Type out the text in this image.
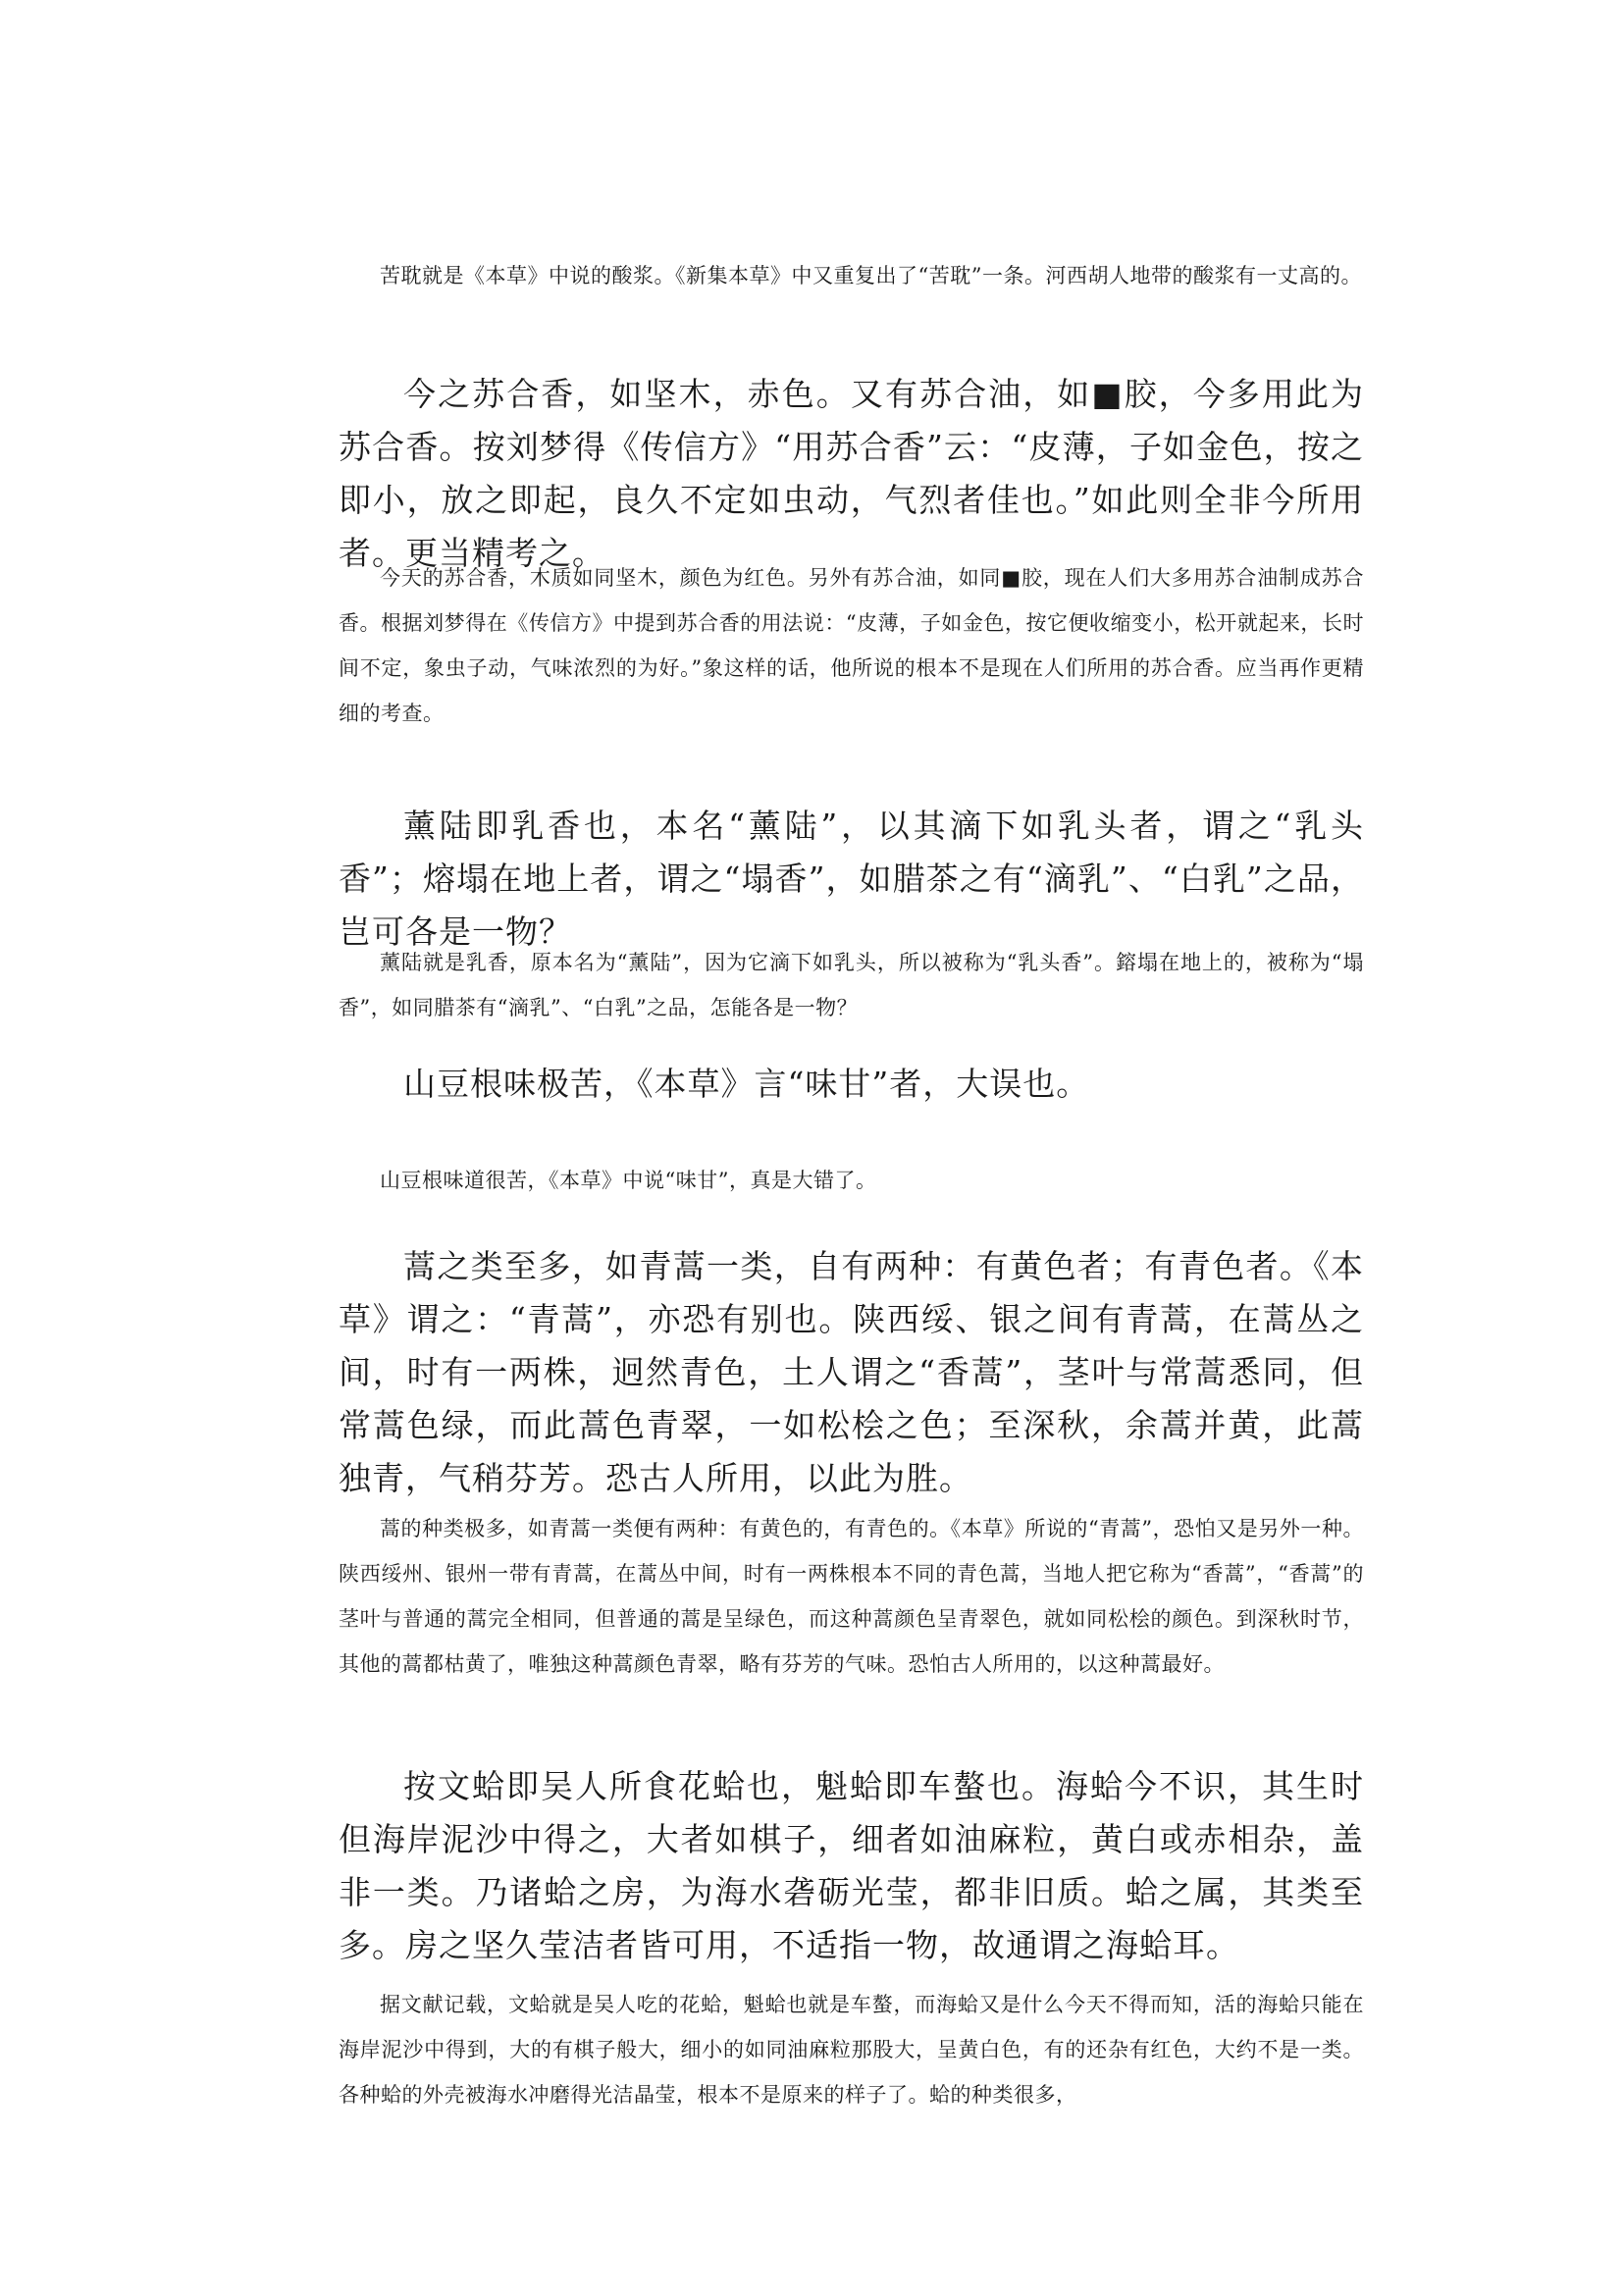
苦耽就是《本草》中说的酸浆。《新集本草》中又重复出了“苦耽”一条。河西胡人地带的酸浆有一丈高的。

今之苏合香，如坚木，赤色。又有苏合油，如■胶，今多用此为苏合香。按刘梦得《传信方》“用苏合香”云：“皮薄，子如金色，按之即小，放之即起，良久不定如虫动，气烈者佳也。”如此则全非今所用者。更当精考之。

今天的苏合香，木质如同坚木，颜色为红色。另外有苏合油，如同■胶，现在人们大多用苏合油制成苏合香。根据刘梦得在《传信方》中提到苏合香的用法说：“皮薄，子如金色，按它便收缩变小，松开就起来，长时间不定，象虫子动，气味浓烈的为好。”象这样的话，他所说的根本不是现在人们所用的苏合香。应当再作更精细的考查。

薰陆即乳香也，本名“薰陆”，以其滴下如乳头者，谓之“乳头香”；熔塌在地上者，谓之“塌香”，如腊茶之有“滴乳”、“白乳”之品，岂可各是一物？

薰陆就是乳香，原本名为“薰陆”，因为它滴下如乳头，所以被称为“乳头香”。鎔塌在地上的，被称为“塌香”，如同腊茶有“滴乳”、“白乳”之品，怎能各是一物？

山豆根味极苦，《本草》言“味甘”者，大误也。

山豆根味道很苦，《本草》中说“味甘”，真是大错了。

蒿之类至多，如青蒿一类，自有两种：有黄色者；有青色者。《本草》谓之：“青蒿”，亦恐有别也。陕西绥、银之间有青蒿，在蒿丛之间，时有一两株，迥然青色，土人谓之“香蒿”，茎叶与常蒿悉同，但常蒿色绿，而此蒿色青翠，一如松桧之色；至深秋，余蒿并黄，此蒿独青，气稍芬芳。恐古人所用，以此为胜。

蒿的种类极多，如青蒿一类便有两种：有黄色的，有青色的。《本草》所说的“青蒿”，恐怕又是另外一种。陕西绥州、银州一带有青蒿，在蒿丛中间，时有一两株根本不同的青色蒿，当地人把它称为“香蒿”，“香蒿”的茎叶与普通的蒿完全相同，但普通的蒿是呈绿色，而这种蒿颜色呈青翠色，就如同松桧的颜色。到深秋时节，其他的蒿都枯黄了，唯独这种蒿颜色青翠，略有芬芳的气味。恐怕古人所用的，以这种蒿最好。

按文蛤即吴人所食花蛤也，魁蛤即车螯也。海蛤今不识，其生时但海岸泥沙中得之，大者如棋子，细者如油麻粒，黄白或赤相杂，盖非一类。乃诸蛤之房，为海水砻砺光莹，都非旧质。蛤之属，其类至多。房之坚久莹洁者皆可用，不适指一物，故通谓之海蛤耳。

据文献记载，文蛤就是吴人吃的花蛤，魁蛤也就是车螯，而海蛤又是什么今天不得而知，活的海蛤只能在海岸泥沙中得到，大的有棋子般大，细小的如同油麻粒那股大，呈黄白色，有的还杂有红色，大约不是一类。各种蛤的外壳被海水冲磨得光洁晶莹，根本不是原来的样子了。蛤的种类很多，
